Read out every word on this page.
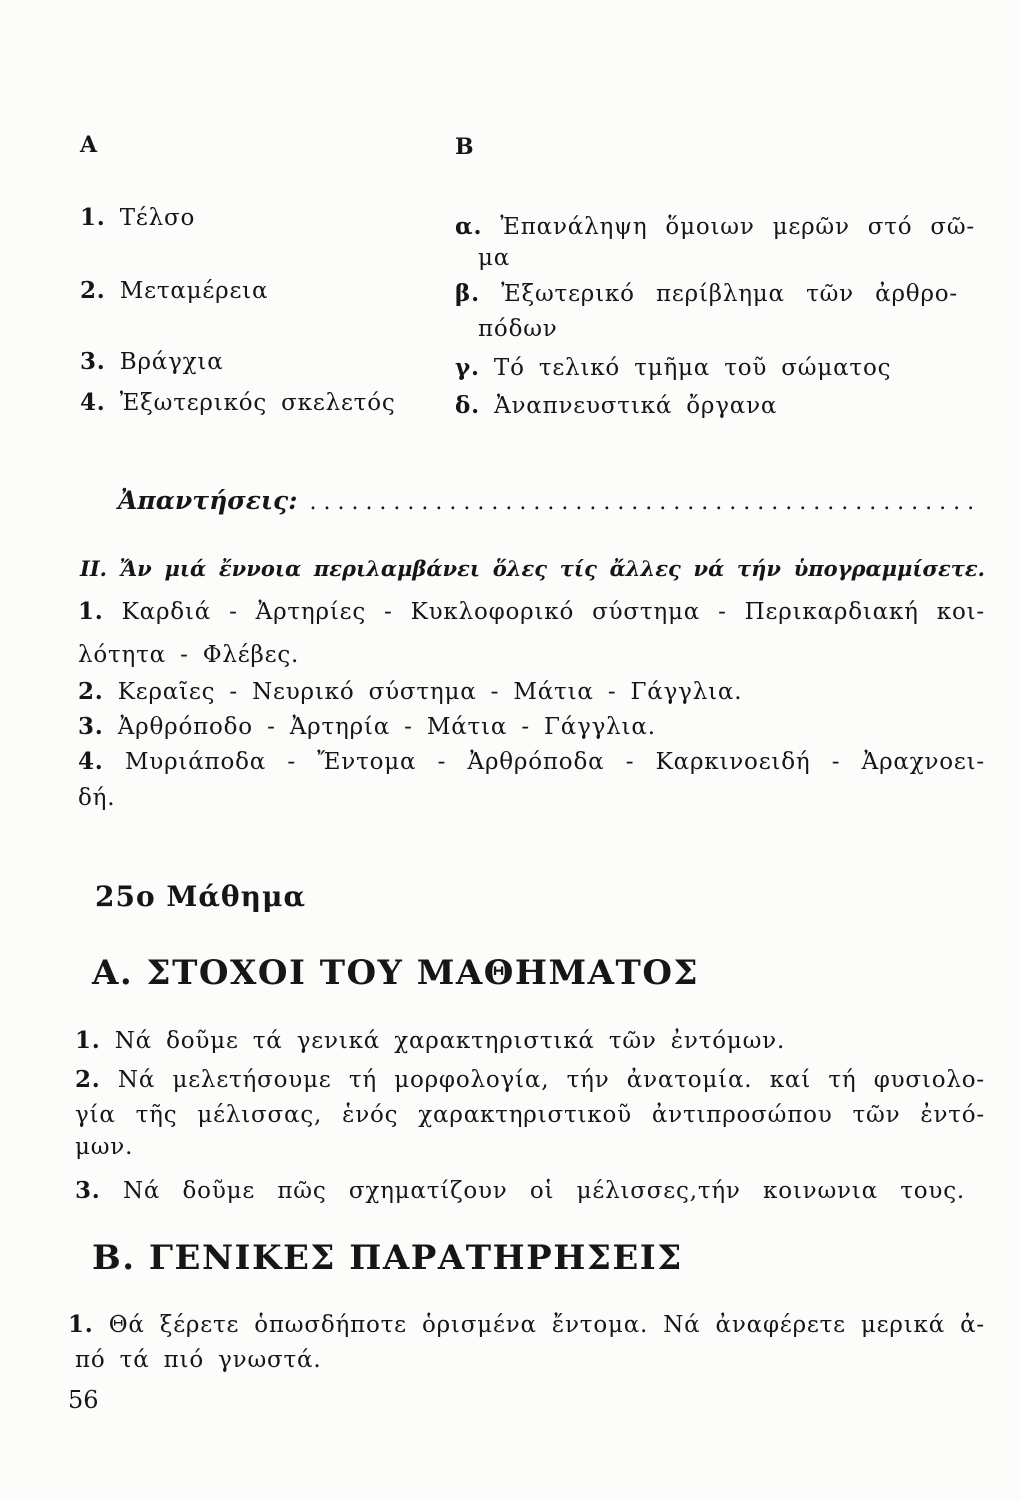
Α	Β
1. Τέλσο
2. Μεταμέρεια
3. Βράγχια
4. Ἐξωτερικός σκελετός
α. Ἐπανάληψη ὅμοιων μερῶν στό σῶ-
μα
β. Ἐξωτερικό περίβλημα τῶν ἀρθρο-
πόδων
γ. Τό τελικό τμῆμα τοῦ σώματος
δ. Ἀναπνευστικά ὄργανα
Ἀπαντήσεις: ................................................
II. Ἄν μιά ἔννοια περιλαμβάνει ὅλες τίς ἄλλες νά τήν ὑπογραμμίσετε.
1. Καρδιά - Ἀρτηρίες - Κυκλοφορικό σύστημα - Περικαρδιακή κοι-
λότητα - Φλέβες.
2. Κεραῖες - Νευρικό σύστημα - Μάτια - Γάγγλια.
3. Ἀρθρόποδο - Ἀρτηρία - Μάτια - Γάγγλια.
4. Μυριάποδα - Ἔντομα - Ἀρθρόποδα - Καρκινοειδή - Ἀραχνοει-
δή.
25ο Μάθημα
Α. ΣΤΟΧΟΙ ΤΟΥ ΜΑΘΗΜΑΤΟΣ
1. Νά δοῦμε τά γενικά χαρακτηριστικά τῶν ἐντόμων.
2. Νά μελετήσουμε τή μορφολογία, τήν ἀνατομία. καί τή φυσιολο-
γία τῆς μέλισσας, ἑνός χαρακτηριστικοῦ ἀντιπροσώπου τῶν ἐντό-
μων.
3. Νά δοῦμε πῶς σχηματίζουν οἱ μέλισσες,τήν κοινωνια τους.
Β. ΓΕΝΙΚΕΣ ΠΑΡΑΤΗΡΗΣΕΙΣ
1. Θά ξέρετε ὁπωσδήποτε ὁρισμένα ἔντομα. Νά ἀναφέρετε μερικά ἀ-
πό τά πιό γνωστά.
56
